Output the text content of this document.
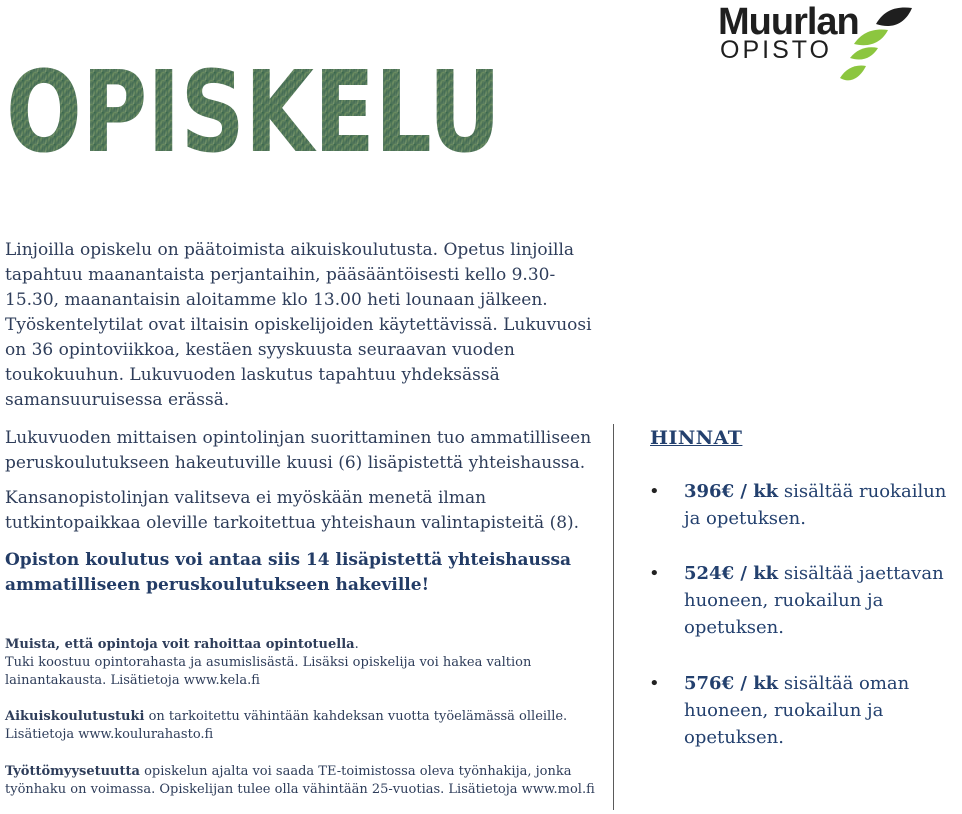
OPISKELU
Muurlan
OPISTO
Linjoilla opiskelu on päätoimista aikuiskoulutusta. Opetus linjoilla tapahtuu maanantaista perjantaihin, pääsääntöisesti kello 9.30-15.30, maanantaisin aloitamme klo 13.00 heti lounaan jälkeen. Työskentelytilat ovat iltaisin opiskelijoiden käytettävissä. Lukuvuosi on 36 opintoviikkoa, kestäen syyskuusta seuraavan vuoden toukokuuhun. Lukuvuoden laskutus tapahtuu yhdeksässä samansuuruisessa erässä.
Lukuvuoden mittaisen opintolinjan suorittaminen tuo ammatilliseen peruskoulutukseen hakeutuville kuusi (6) lisäpistettä yhteishaussa.
Kansanopistolinjan valitseva ei myöskään menetä ilman tutkintopaikkaa oleville tarkoitettua yhteishaun valintapisteitä (8).
Opiston koulutus voi antaa siis 14 lisäpistettä yhteishaussa ammatilliseen peruskoulutukseen hakeville!
Muista, että opintoja voit rahoittaa opintotuella.
Tuki koostuu opintorahasta ja asumislisästä. Lisäksi opiskelija voi hakea valtion lainantakausta. Lisätietoja www.kela.fi
Aikuiskoulutustuki on tarkoitettu vähintään kahdeksan vuotta työelämässä olleille. Lisätietoja www.koulurahasto.fi
Työttömyysetuutta opiskelun ajalta voi saada TE-toimistossa oleva työnhakija, jonka työnhaku on voimassa. Opiskelijan tulee olla vähintään 25-vuotias. Lisätietoja www.mol.fi
HINNAT
• 396€ / kk sisältää ruokailun ja opetuksen.
• 524€ / kk sisältää jaettavan huoneen, ruokailun ja opetuksen.
• 576€ / kk sisältää oman huoneen, ruokailun ja opetuksen.
